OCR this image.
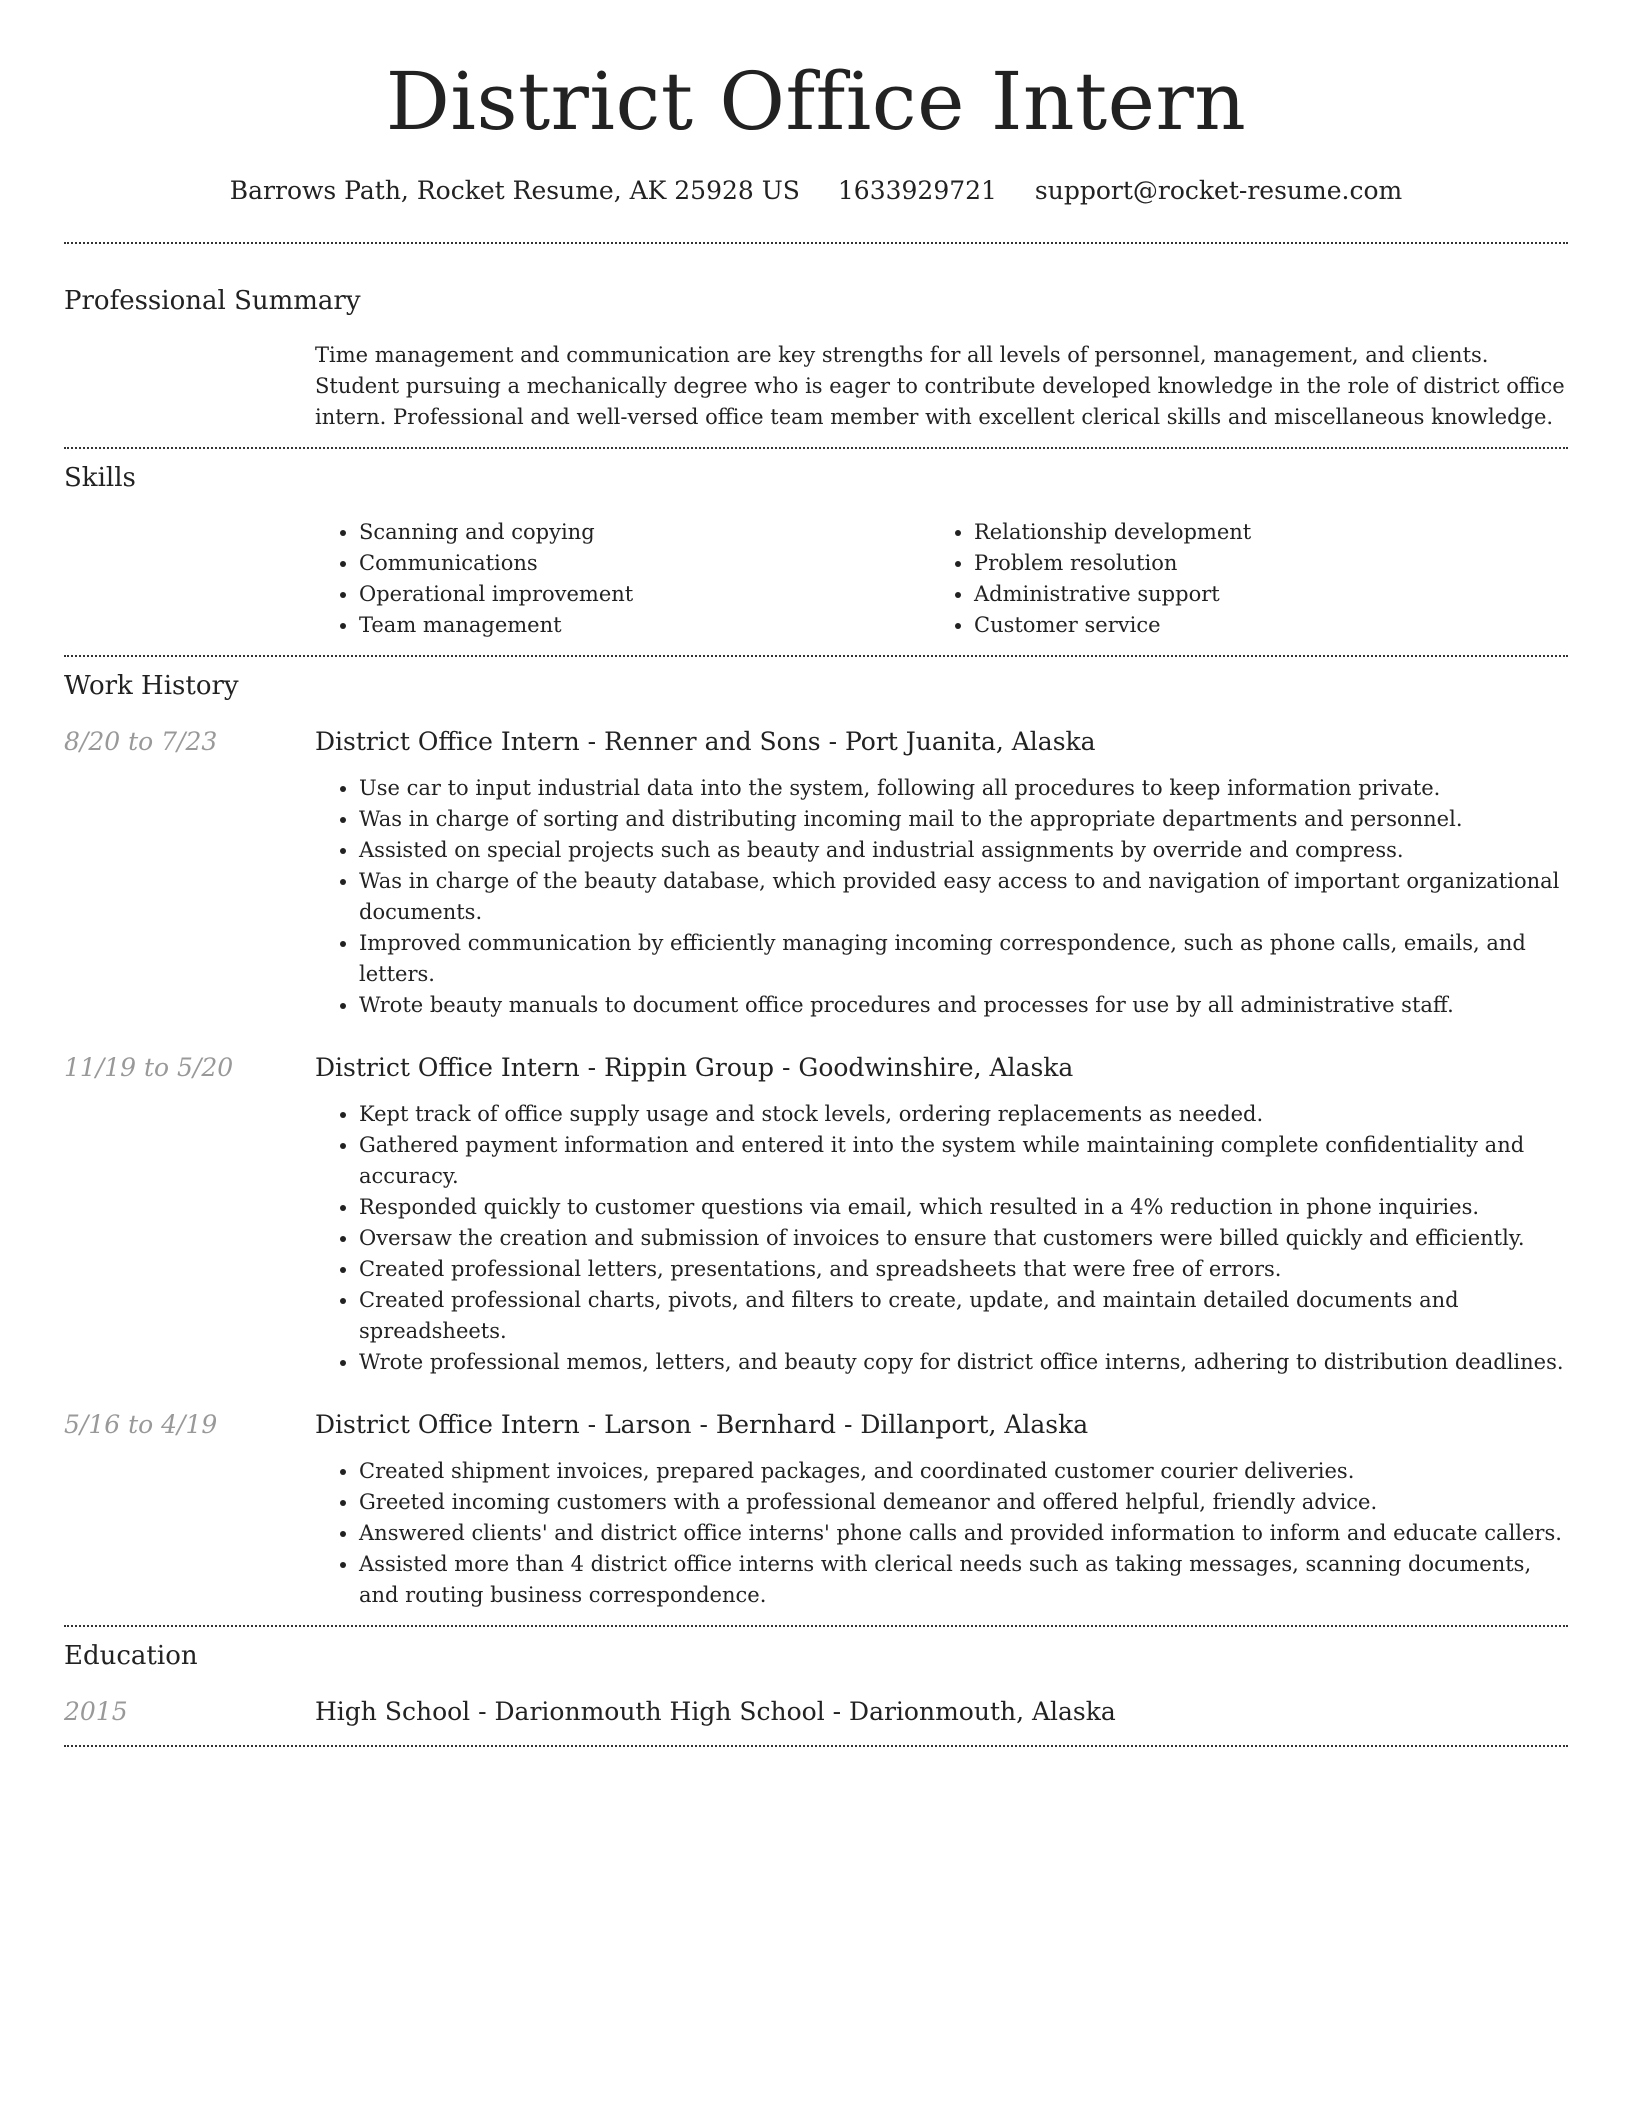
District Office Intern
Barrows Path, Rocket Resume, AK 25928 US 1633929721 support@rocket-resume.com
Professional Summary

Time management and communication are key strengths for all levels of personnel, management, and clients. Student pursuing a mechanically degree who is eager to contribute developed knowledge in the role of district office intern. Professional and well-versed office team member with excellent clerical skills and miscellaneous knowledge.

Skills
• Scanning and copying
• Communications
• Operational improvement
• Team management
• Relationship development
• Problem resolution
• Administrative support
• Customer service
Work History
8/20 to 7/23	District Office Intern - Renner and Sons - Port Juanita, Alaska
• Use car to input industrial data into the system, following all procedures to keep information private.
• Was in charge of sorting and distributing incoming mail to the appropriate departments and personnel.
• Assisted on special projects such as beauty and industrial assignments by override and compress.
• Was in charge of the beauty database, which provided easy access to and navigation of important organizational documents.
• Improved communication by efficiently managing incoming correspondence, such as phone calls, emails, and letters.
• Wrote beauty manuals to document office procedures and processes for use by all administrative staff.
11/19 to 5/20	District Office Intern - Rippin Group - Goodwinshire, Alaska
• Kept track of office supply usage and stock levels, ordering replacements as needed.
• Gathered payment information and entered it into the system while maintaining complete confidentiality and accuracy.
• Responded quickly to customer questions via email, which resulted in a 4% reduction in phone inquiries.
• Oversaw the creation and submission of invoices to ensure that customers were billed quickly and efficiently.
• Created professional letters, presentations, and spreadsheets that were free of errors.
• Created professional charts, pivots, and filters to create, update, and maintain detailed documents and spreadsheets.
• Wrote professional memos, letters, and beauty copy for district office interns, adhering to distribution deadlines.
5/16 to 4/19	District Office Intern - Larson - Bernhard - Dillanport, Alaska
• Created shipment invoices, prepared packages, and coordinated customer courier deliveries.
• Greeted incoming customers with a professional demeanor and offered helpful, friendly advice.
• Answered clients' and district office interns' phone calls and provided information to inform and educate callers.
• Assisted more than 4 district office interns with clerical needs such as taking messages, scanning documents, and routing business correspondence.
Education
2015	High School - Darionmouth High School - Darionmouth, Alaska
